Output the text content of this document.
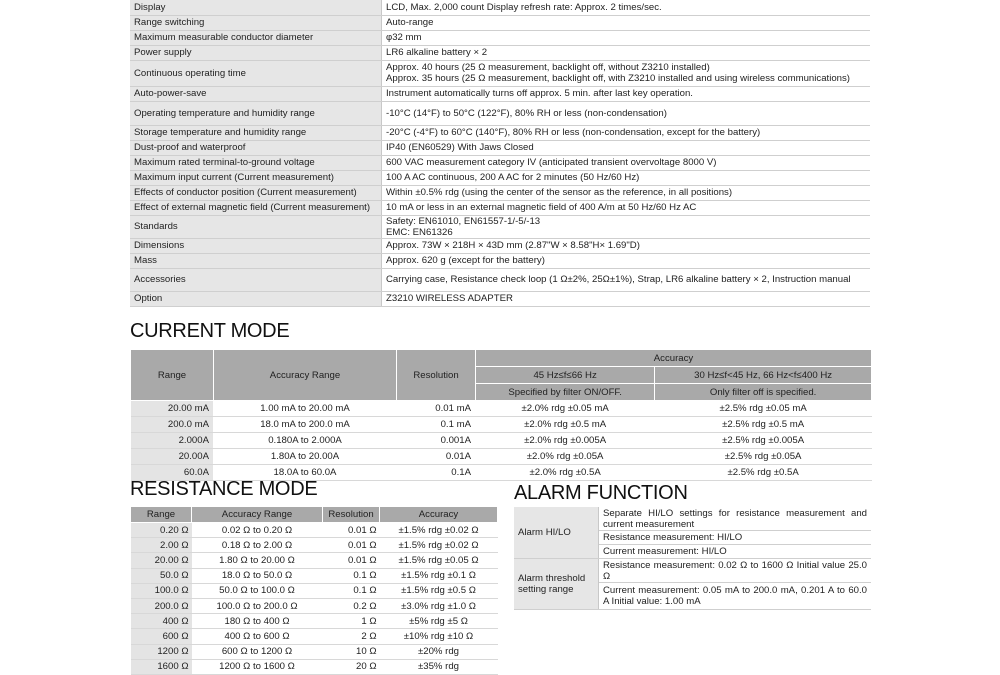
Display	LCD, Max. 2,000 count Display refresh rate: Approx. 2 times/sec.

Range switching	Auto-range

Maximum measurable conductor diameter	φ32 mm

Power supply	LR6 alkaline battery × 2

Continuous operating time	Approx. 40 hours (25 Ω measurement, backlight off, without Z3210 installed)
Approx. 35 hours (25 Ω measurement, backlight off, with Z3210 installed and using wireless communications)

Auto-power-save	Instrument automatically turns off approx. 5 min. after last key operation.

Operating temperature and humidity range	-10°C (14°F) to 50°C (122°F), 80% RH or less (non-condensation)

Storage temperature and humidity range	-20°C (-4°F) to 60°C (140°F), 80% RH or less (non-condensation, except for the battery)

Dust-proof and waterproof	IP40 (EN60529) With Jaws Closed

Maximum rated terminal-to-ground voltage	600 VAC measurement category IV (anticipated transient overvoltage 8000 V)

Maximum input current (Current measurement)	100 A AC continuous, 200 A AC for 2 minutes (50 Hz/60 Hz)

Effects of conductor position (Current measurement)	Within ±0.5% rdg (using the center of the sensor as the reference, in all positions)

Effect of external magnetic field (Current measurement)	10 mA or less in an external magnetic field of 400 A/m at 50 Hz/60 Hz AC

Standards	Safety: EN61010, EN61557-1/-5/-13
EMC: EN61326

Dimensions	Approx. 73W × 218H × 43D mm (2.87"W × 8.58"H× 1.69"D)

Mass	Approx. 620 g (except for the battery)

Accessories	Carrying case, Resistance check loop (1 Ω±2%, 25Ω±1%), Strap, LR6 alkaline battery × 2, Instruction manual

Option	Z3210 WIRELESS ADAPTER
CURRENT MODE
Range	Accuracy Range	Resolution	Accuracy	
			45 Hz≤f≤66 Hz	30 Hz≤f<45 Hz, 66 Hz<f≤400 Hz
			Specified by filter ON/OFF.	Only filter off is specified.
20.00 mA	1.00 mA to 20.00 mA	0.01 mA	±2.0% rdg ±0.05 mA	±2.5% rdg ±0.05 mA
200.0 mA	18.0 mA to 200.0 mA	0.1 mA	±2.0% rdg ±0.5 mA	±2.5% rdg ±0.5 mA
2.000A	0.180A to 2.000A	0.001A	±2.0% rdg ±0.005A	±2.5% rdg ±0.005A
20.00A	1.80A to 20.00A	0.01A	±2.0% rdg ±0.05A	±2.5% rdg ±0.05A
60.0A	18.0A to 60.0A	0.1A	±2.0% rdg ±0.5A	±2.5% rdg ±0.5A
RESISTANCE MODE
Range	Accuracy Range	Resolution	Accuracy
0.20 Ω	0.02 Ω to 0.20 Ω	0.01 Ω	±1.5% rdg ±0.02 Ω
2.00 Ω	0.18 Ω to 2.00 Ω	0.01 Ω	±1.5% rdg ±0.02 Ω
20.00 Ω	1.80 Ω to 20.00 Ω	0.01 Ω	±1.5% rdg ±0.05 Ω
50.0 Ω	18.0 Ω to 50.0 Ω	0.1 Ω	±1.5% rdg ±0.1 Ω
100.0 Ω	50.0 Ω to 100.0 Ω	0.1 Ω	±1.5% rdg ±0.5 Ω
200.0 Ω	100.0 Ω to 200.0 Ω	0.2 Ω	±3.0% rdg ±1.0 Ω
400 Ω	180 Ω to 400 Ω	1 Ω	±5% rdg ±5 Ω
600 Ω	400 Ω to 600 Ω	2 Ω	±10% rdg ±10 Ω
1200 Ω	600 Ω to 1200 Ω	10 Ω	±20% rdg
1600 Ω	1200 Ω to 1600 Ω	20 Ω	±35% rdg
ALARM FUNCTION
Alarm HI/LO	Separate HI/LO settings for resistance measurement and current measurement
	Resistance measurement: HI/LO
	Current measurement: HI/LO
Alarm threshold setting range	Resistance measurement: 0.02 Ω to 1600 Ω Initial value 25.0 Ω
	Current measurement: 0.05 mA to 200.0 mA, 0.201 A to 60.0 A Initial value: 1.00 mA
